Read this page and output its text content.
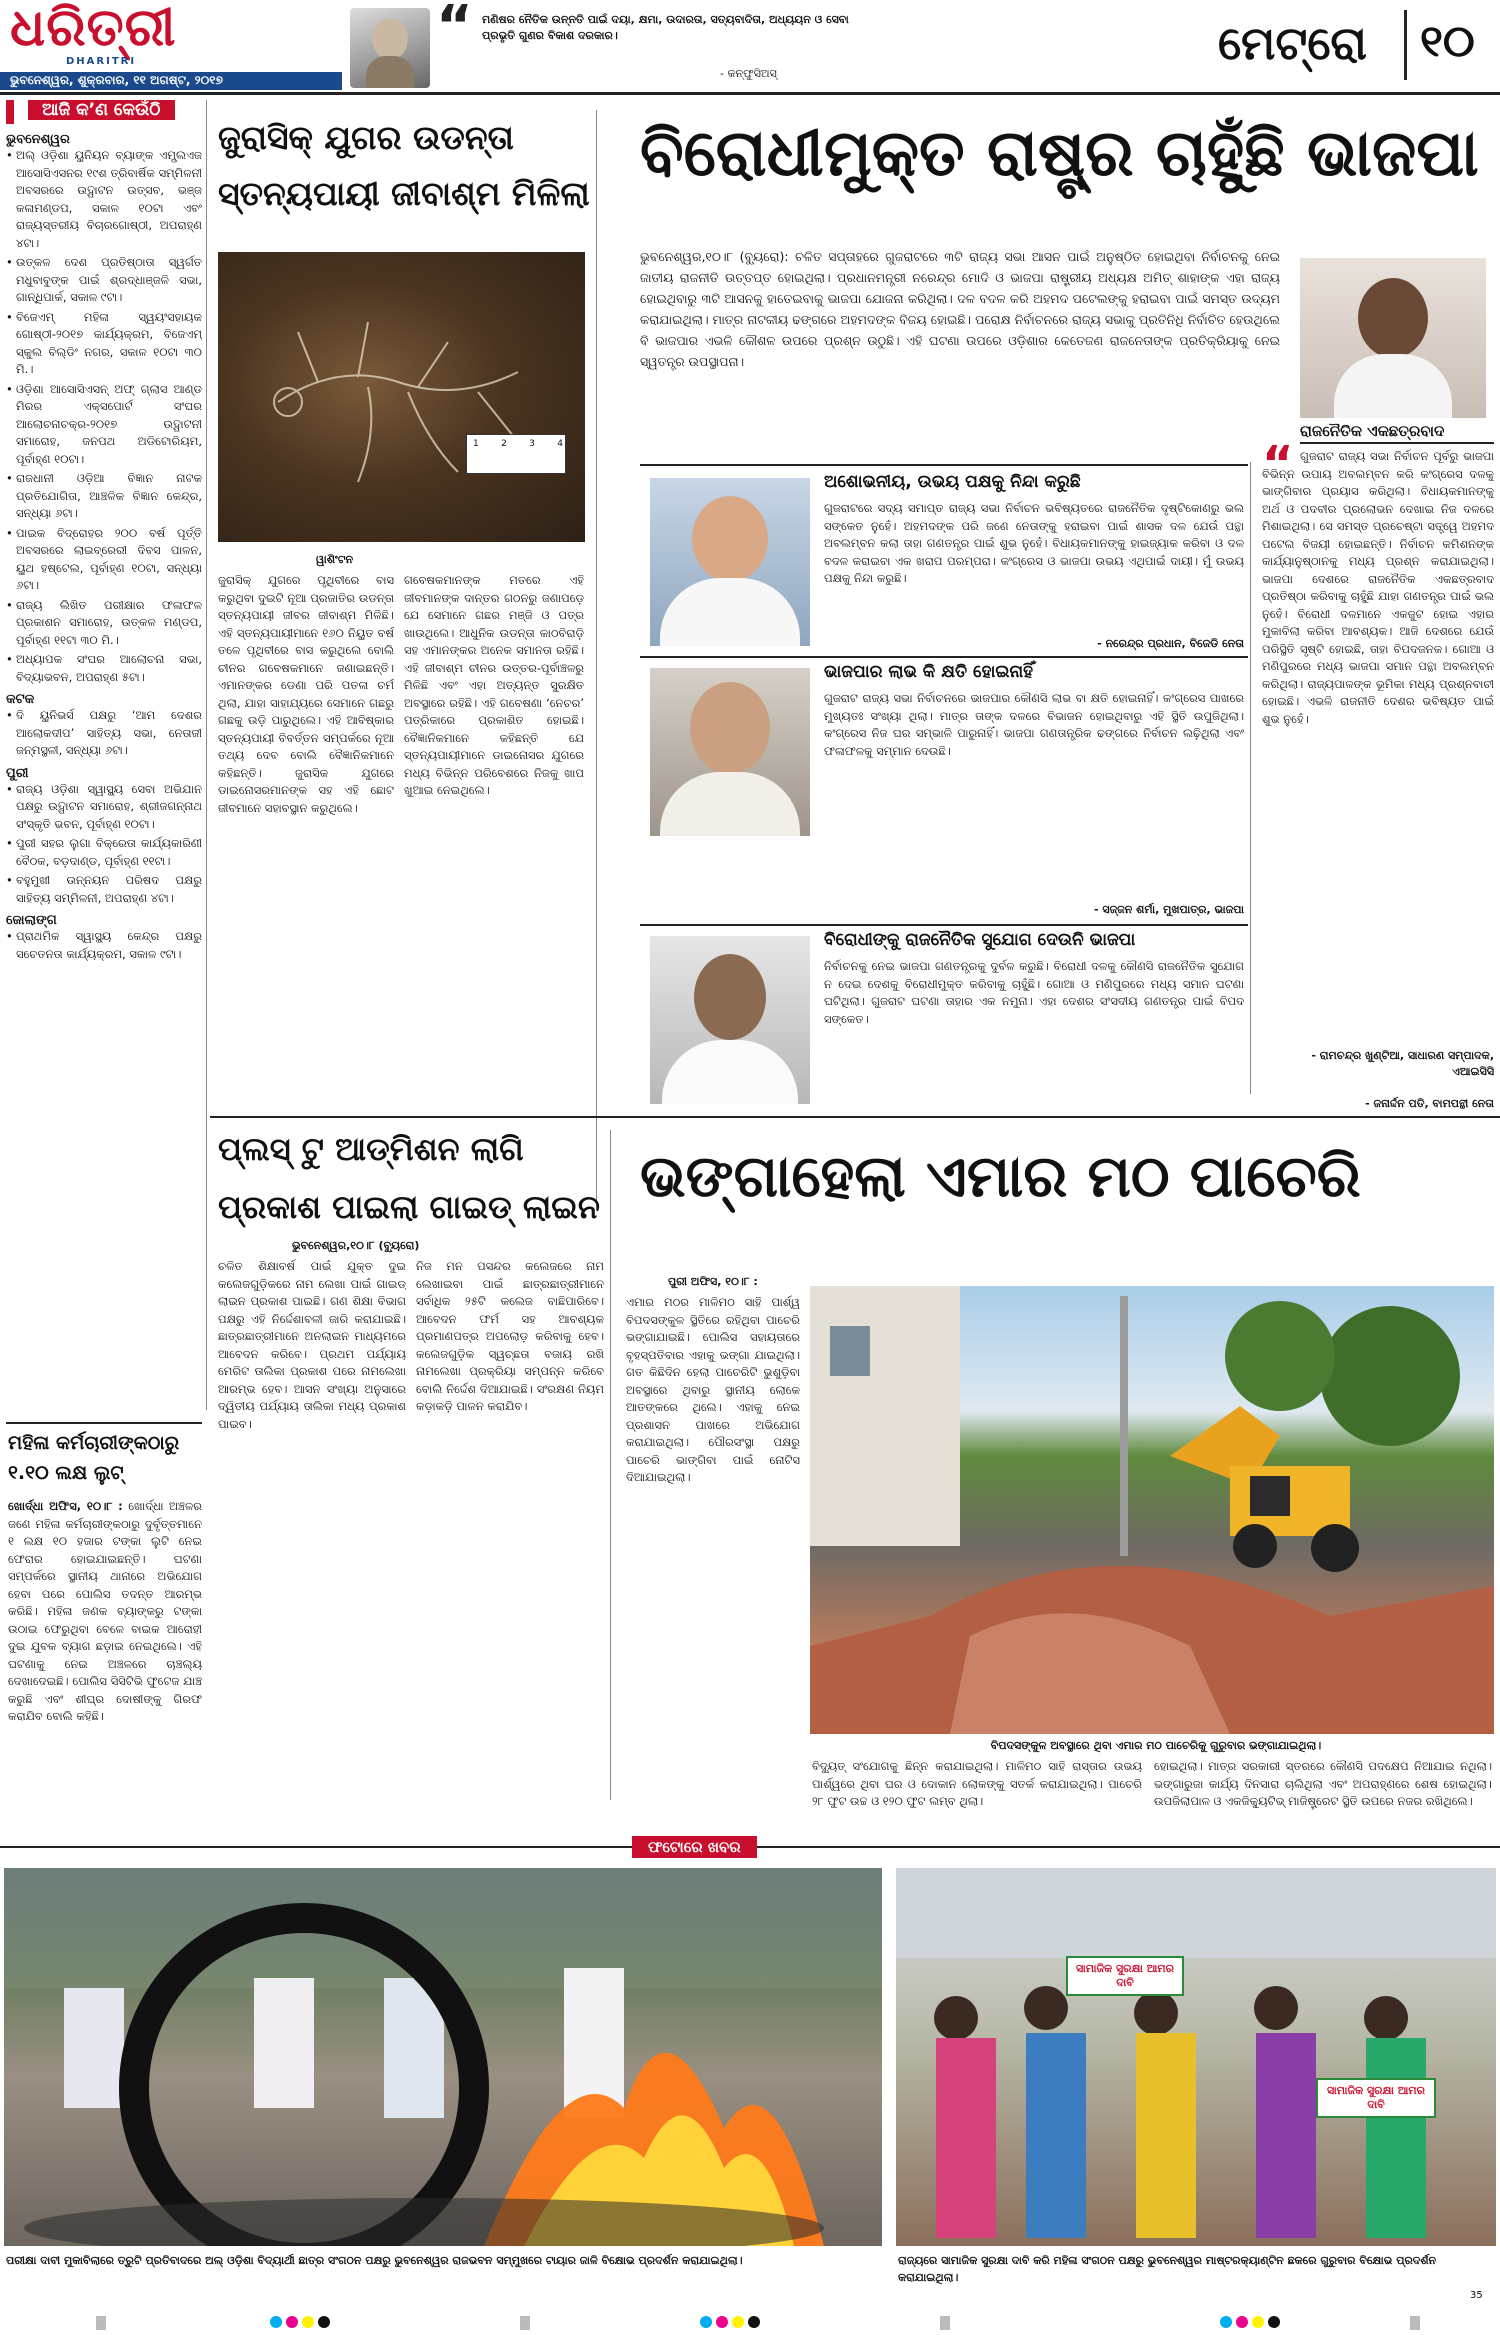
ଧରିତ୍ରୀ
DHARITRI
ଭୁବନେଶ୍ୱର, ଶୁକ୍ରବାର, ୧୧ ଅଗଷ୍ଟ, ୨୦୧୭
“ ମଣିଷର ନୈତିକ ଉନ୍ନତି ପାଇଁ ଦୟା, କ୍ଷମା, ଉଦାରତା, ସତ୍ୟବାଦିତା, ଅଧ୍ୟୟନ ଓ ସେବା ପ୍ରଭୃତି ଗୁଣର ବିକାଶ ଦରକାର।
- କନ୍‌ଫୁସିଅସ୍‌
ମେଟ୍ରୋ ୧୦
ଆଜି କ’ଣ କେଉଁଠି
ଭୁବନେଶ୍ୱର
• ଅଲ୍ ଓଡ଼ିଶା ୟୁନିୟନ ବ୍ୟାଙ୍କ ଏମ୍ପ୍ଲଏଜ ଆସୋସିଏସନର ୧୯ଶ ତ୍ରିବାର୍ଷିକ ସମ୍ମିଳନୀ ଅବସରରେ ଉଦ୍ଘାଟନ ଉତ୍ସବ, ଭଞ୍ଜ କଳାମଣ୍ଡପ, ସକାଳ ୧୦ଟା ଏବଂ ରାଜ୍ୟସ୍ତରୀୟ ବିଚାରଗୋଷ୍ଠୀ, ଅପରାହ୍ଣ ୪ଟା।
• ଉତ୍କଳ ଦେଶ ପ୍ରତିଷ୍ଠାତା ସ୍ୱର୍ଗତ ମଧୁବାବୁଙ୍କ ପାଇଁ ଶ୍ରଦ୍ଧାଞ୍ଜଳି ସଭା, ଗାନ୍ଧିପାର୍କ, ସକାଳ ୯ଟା।
• ବିଜେଏମ୍ ମହିଳା ସ୍ୱୟଂସହାୟକ ଗୋଷ୍ଠୀ-୨୦୧୭ କାର୍ଯ୍ୟକ୍ରମ, ବିଜେଏମ୍ ସ୍କୁଲ ବିଲ୍ଡିଂ ନଗର, ସକାଳ ୧୦ଟା ୩୦ ମି.।
• ଓଡ଼ିଶା ଆସୋସିଏସନ୍ ଅଫ୍ ଗ୍ଲାସ ଆଣ୍ଡ ମିରର ଏକ୍ସପୋର୍ଟ ସଂଘର ଆଲୋଚନାଚକ୍ର-୨୦୧୭ ଉଦ୍ଘାଟନୀ ସମାରୋହ, ଜନପଥ ଅଡିଟୋରିୟମ, ପୂର୍ବାହ୍ଣ ୧୦ଟା।
• ରାଜଧାନୀ ଓଡ଼ିଆ ବିଜ୍ଞାନ ନାଟକ ପ୍ରତିଯୋଗିତା, ଆଞ୍ଚଳିକ ବିଜ୍ଞାନ କେନ୍ଦ୍ର, ସନ୍ଧ୍ୟା ୬ଟା।
• ପାଇକ ବିଦ୍ରୋହର ୨୦୦ ବର୍ଷ ପୂର୍ତ୍ତି ଅବସରରେ ଲାଇବ୍ରେରୀ ଦିବସ ପାଳନ, ୟୁଥ ହଷ୍ଟେଲ, ପୂର୍ବାହ୍ଣ ୧୦ଟା, ସନ୍ଧ୍ୟା ୬ଟା।
• ରାଜ୍ୟ ଲିଖିତ ପରୀକ୍ଷାର ଫଳାଫଳ ପ୍ରକାଶନ ସମାରୋହ, ଉତ୍କଳ ମଣ୍ଡପ, ପୂର୍ବାହ୍ଣ ୧୧ଟା ୩୦ ମି.।
• ଅଧ୍ୟାପକ ସଂଘର ଆଲୋଚନା ସଭା, ବିଦ୍ୟାଭବନ, ଅପରାହ୍ଣ ୫ଟା।
କଟକ
• ଦି ୟୁନିଭର୍ସ ପକ୍ଷରୁ ‘ଆମ ଦେଶର ଆଲୋକଦୀପ’ ସାହିତ୍ୟ ସଭା, ନେତାଜୀ ଜନ୍ମସ୍ଥଳୀ, ସନ୍ଧ୍ୟା ୬ଟା।
ପୁରୀ
• ରାଜ୍ୟ ଓଡ଼ିଶା ସ୍ୱାସ୍ଥ୍ୟ ସେବା ଅଭିଯାନ ପକ୍ଷରୁ ଉଦ୍ଘାଟନ ସମାରୋହ, ଶ୍ରୀଜଗନ୍ନାଥ ସଂସ୍କୃତି ଭବନ, ପୂର୍ବାହ୍ଣ ୧୦ଟା।
• ପୁରୀ ସହର ଲୁଗା ବିକ୍ରେତା କାର୍ଯ୍ୟକାରିଣୀ ବୈଠକ, ବଡ଼ଦାଣ୍ଡ, ପୂର୍ବାହ୍ଣ ୧୧ଟା।
• ବହୁମୁଖୀ ଉନ୍ନୟନ ପରିଷଦ ପକ୍ଷରୁ ସାହିତ୍ୟ ସମ୍ମିଳନୀ, ଅପରାହ୍ଣ ୪ଟା।
ଜୋଲାଙ୍ଗ
• ପ୍ରାଥମିକ ସ୍ୱାସ୍ଥ୍ୟ କେନ୍ଦ୍ର ପକ୍ଷରୁ ସଚେତନତା କାର୍ଯ୍ୟକ୍ରମ, ସକାଳ ୯ଟା।
ମହିଳା କର୍ମଚାରୀଙ୍କଠାରୁ ୧.୧୦ ଲକ୍ଷ ଲୁଟ୍
ଖୋର୍ଦ୍ଧା ଅଫିସ, ୧୦।୮ : ଖୋର୍ଦ୍ଧା ଅଞ୍ଚଳର ଜଣେ ମହିଳା କର୍ମଚାରୀଙ୍କଠାରୁ ଦୁର୍ବୃତ୍ତମାନେ ୧ ଲକ୍ଷ ୧୦ ହଜାର ଟଙ୍କା ଲୁଟି ନେଇ ଫେରାର ହୋଇଯାଇଛନ୍ତି। ଘଟଣା ସମ୍ପର୍କରେ ସ୍ଥାନୀୟ ଥାନାରେ ଅଭିଯୋଗ ହେବା ପରେ ପୋଲିସ ତଦନ୍ତ ଆରମ୍ଭ କରିଛି। ମହିଳା ଜଣକ ବ୍ୟାଙ୍କରୁ ଟଙ୍କା ଉଠାଇ ଫେରୁଥିବା ବେଳେ ବାଇକ ଆରୋହୀ ଦୁଇ ଯୁବକ ବ୍ୟାଗ ଛଡ଼ାଇ ନେଇଥିଲେ। ଏହି ଘଟଣାକୁ ନେଇ ଅଞ୍ଚଳରେ ଚାଞ୍ଚଲ୍ୟ ଦେଖାଦେଇଛି। ପୋଲିସ ସିସିଟିଭି ଫୁଟେଜ ଯାଞ୍ଚ କରୁଛି ଏବଂ ଶୀଘ୍ର ଦୋଷୀଙ୍କୁ ଗିରଫ କରାଯିବ ବୋଲି କହିଛି।
ଜୁରାସିକ୍ ଯୁଗର ଉଡନ୍ତା ସ୍ତନ୍ୟପାୟୀ ଜୀବାଶ୍ମ ମିଳିଲା
1 2 3 4
ୱାଶିଂଟନ
ଜୁରାସିକ୍ ଯୁଗରେ ପୃଥିବୀରେ ବାସ କରୁଥିବା ଦୁଇଟି ନୂଆ ପ୍ରଜାତିର ଉଡନ୍ତା ସ୍ତନ୍ୟପାୟୀ ଜୀବର ଜୀବାଶ୍ମ ମିଳିଛି। ଏହି ସ୍ତନ୍ୟପାୟୀମାନେ ୧୬୦ ନିୟୁତ ବର୍ଷ ତଳେ ପୃଥିବୀରେ ବାସ କରୁଥିଲେ ବୋଲି ଚୀନର ଗବେଷକମାନେ ଜଣାଇଛନ୍ତି। ଏମାନଙ୍କର ଡେଣା ପରି ପତଳା ଚର୍ମ ଥିଲା, ଯାହା ସାହାଯ୍ୟରେ ସେମାନେ ଗଛରୁ ଗଛକୁ ଉଡ଼ି ପାରୁଥିଲେ। ଏହି ଆବିଷ୍କାର ସ୍ତନ୍ୟପାୟୀ ବିବର୍ତ୍ତନ ସମ୍ପର୍କରେ ନୂଆ ତଥ୍ୟ ଦେବ ବୋଲି ବୈଜ୍ଞାନିକମାନେ କହିଛନ୍ତି। ଜୁରାସିକ ଯୁଗରେ ଡାଇନୋସରମାନଙ୍କ ସହ ଏହି ଛୋଟ ଜୀବମାନେ ସହାବସ୍ଥାନ କରୁଥିଲେ।
ଗବେଷକମାନଙ୍କ ମତରେ ଏହି ଜୀବମାନଙ୍କ ଦାନ୍ତର ଗଠନରୁ ଜଣାପଡ଼େ ଯେ ସେମାନେ ଗଛର ମଞ୍ଜି ଓ ପତ୍ର ଖାଉଥିଲେ। ଆଧୁନିକ ଉଡନ୍ତା କାଠବିରାଡ଼ି ସହ ଏମାନଙ୍କର ଅନେକ ସମାନତା ରହିଛି। ଏହି ଜୀବାଶ୍ମ ଚୀନର ଉତ୍ତର-ପୂର୍ବାଞ୍ଚଳରୁ ମିଳିଛି ଏବଂ ଏହା ଅତ୍ୟନ୍ତ ସୁରକ୍ଷିତ ଅବସ୍ଥାରେ ରହିଛି। ଏହି ଗବେଷଣା ‘ନେଚର’ ପତ୍ରିକାରେ ପ୍ରକାଶିତ ହୋଇଛି। ବୈଜ୍ଞାନିକମାନେ କହିଛନ୍ତି ଯେ ସ୍ତନ୍ୟପାୟୀମାନେ ଡାଇନୋସର ଯୁଗରେ ମଧ୍ୟ ବିଭିନ୍ନ ପରିବେଶରେ ନିଜକୁ ଖାପ ଖୁଆଇ ନେଇଥିଲେ।
ବିରୋଧୀମୁକ୍ତ ରାଷ୍ଟ୍ର ଚାହୁଁଛି ଭାଜପା
ଭୁବନେଶ୍ୱର,୧୦।୮ (ବ୍ୟୁରୋ): ଚଳିତ ସପ୍ତାହରେ ଗୁଜରାଟରେ ୩ଟି ରାଜ୍ୟ ସଭା ଆସନ ପାଇଁ ଅନୁଷ୍ଠିତ ହୋଇଥିବା ନିର୍ବାଚନକୁ ନେଇ ଜାତୀୟ ରାଜନୀତି ଉତ୍ତପ୍ତ ହୋଇଥିଲା। ପ୍ରଧାନମନ୍ତ୍ରୀ ନରେନ୍ଦ୍ର ମୋଦି ଓ ଭାଜପା ରାଷ୍ଟ୍ରୀୟ ଅଧ୍ୟକ୍ଷ ଅମିତ୍ ଶାହାଙ୍କ ଏହା ରାଜ୍ୟ ହୋଇଥିବାରୁ ୩ଟି ଆସନକୁ ହାତେଇବାକୁ ଭାଜପା ଯୋଜନା କରିଥିଲା। ଦଳ ବଦଳ କରି ଅହମଦ ପଟେଲଙ୍କୁ ହରାଇବା ପାଇଁ ସମସ୍ତ ଉଦ୍ୟମ କରାଯାଇଥିଲା। ମାତ୍ର ନାଟକୀୟ ଢଙ୍ଗରେ ଅହମଦଙ୍କ ବିଜୟ ହୋଇଛି। ପରୋକ୍ଷ ନିର୍ବାଚନରେ ରାଜ୍ୟ ସଭାକୁ ପ୍ରତିନିଧି ନିର୍ବାଚିତ ହେଉଥିଲେ ବି ଭାଜପାର ଏଭଳି କୌଶଳ ଉପରେ ପ୍ରଶ୍ନ ଉଠୁଛି। ଏହି ଘଟଣା ଉପରେ ଓଡ଼ିଶାର କେତେଜଣ ରାଜନେତାଙ୍କ ପ୍ରତିକ୍ରିୟାକୁ ନେଇ ସ୍ୱତନ୍ତ୍ର ଉପସ୍ଥାପନା।
ରାଜନୈତିକ ଏକଛତ୍ରବାଦ
“ ଗୁଜରାଟ ରାଜ୍ୟ ସଭା ନିର୍ବାଚନ ପୂର୍ବରୁ ଭାଜପା ବିଭିନ୍ନ ଉପାୟ ଅବଲମ୍ବନ କରି କଂଗ୍ରେସ ଦଳକୁ ଭାଙ୍ଗିବାର ପ୍ରୟାସ କରିଥିଲା। ବିଧାୟକମାନଙ୍କୁ ଅର୍ଥ ଓ ପଦବୀର ପ୍ରଲୋଭନ ଦେଖାଇ ନିଜ ଦଳରେ ମିଶାଇଥିଲା। ସେ ସମସ୍ତ ପ୍ରଚେଷ୍ଟା ସତ୍ତ୍ୱେ ଅହମଦ ପଟେଲ ବିଜୟୀ ହୋଇଛନ୍ତି। ନିର୍ବାଚନ କମିଶନଙ୍କ କାର୍ଯ୍ୟାନୁଷ୍ଠାନକୁ ମଧ୍ୟ ପ୍ରଶ୍ନ କରାଯାଇଥିଲା। ଭାଜପା ଦେଶରେ ରାଜନୈତିକ ଏକଛତ୍ରବାଦ ପ୍ରତିଷ୍ଠା କରିବାକୁ ଚାହୁଁଛି ଯାହା ଗଣତନ୍ତ୍ର ପାଇଁ ଭଲ ନୁହେଁ। ବିରୋଧୀ ଦଳମାନେ ଏକଜୁଟ ହୋଇ ଏହାର ମୁକାବିଲା କରିବା ଆବଶ୍ୟକ। ଆଜି ଦେଶରେ ଯେଉଁ ପରିସ୍ଥିତି ସୃଷ୍ଟି ହୋଇଛି, ତାହା ବିପଦଜନକ। ଗୋଆ ଓ ମଣିପୁରରେ ମଧ୍ୟ ଭାଜପା ସମାନ ପନ୍ଥା ଅବଲମ୍ବନ କରିଥିଲା। ରାଜ୍ୟପାଳଙ୍କ ଭୂମିକା ମଧ୍ୟ ପ୍ରଶ୍ନବାଚୀ ହୋଇଛି। ଏଭଳି ରାଜନୀତି ଦେଶର ଭବିଷ୍ୟତ ପାଇଁ ଶୁଭ ନୁହେଁ।
- ରାମଚନ୍ଦ୍ର ଖୁଣ୍ଟିଆ, ସାଧାରଣ ସମ୍ପାଦକ, ଏଆଇସିସି
ଅଶୋଭନୀୟ, ଉଭୟ ପକ୍ଷକୁ ନିନ୍ଦା କରୁଛି
ଗୁଜରାଟରେ ସଦ୍ୟ ସମାପ୍ତ ରାଜ୍ୟ ସଭା ନିର୍ବାଚନ ଭବିଷ୍ୟତରେ ରାଜନୈତିକ ଦୃଷ୍ଟିକୋଣରୁ ଭଲ ସଙ୍କେତ ନୁହେଁ। ଅହମଦଙ୍କ ପରି ଜଣେ ନେତାଙ୍କୁ ହରାଇବା ପାଇଁ ଶାସକ ଦଳ ଯେଉଁ ପନ୍ଥା ଅବଲମ୍ବନ କଲା ତାହା ଗଣତନ୍ତ୍ର ପାଇଁ ଶୁଭ ନୁହେଁ। ବିଧାୟକମାନଙ୍କୁ ହାଇଜ୍ୟାକ କରିବା ଓ ଦଳ ବଦଳ କରାଇବା ଏକ ଖରାପ ପରମ୍ପରା। କଂଗ୍ରେସ ଓ ଭାଜପା ଉଭୟ ଏଥିପାଇଁ ଦାୟୀ। ମୁଁ ଉଭୟ ପକ୍ଷକୁ ନିନ୍ଦା କରୁଛି।
- ନରେନ୍ଦ୍ର ପ୍ରଧାନ, ବିଜେଡି ନେତା
ଭାଜପାର ଲାଭ କି କ୍ଷତି ହୋଇନାହିଁ
ଗୁଜରାଟ ରାଜ୍ୟ ସଭା ନିର୍ବାଚନରେ ଭାଜପାର କୌଣସି ଲାଭ ବା କ୍ଷତି ହୋଇନାହିଁ। କଂଗ୍ରେସ ପାଖରେ ମୁଖ୍ୟତଃ ସଂଖ୍ୟା ଥିଲା। ମାତ୍ର ତାଙ୍କ ଦଳରେ ବିଭାଜନ ହୋଇଥିବାରୁ ଏହି ସ୍ଥିତି ଉପୁଜିଥିଲା। କଂଗ୍ରେସ ନିଜ ଘର ସମ୍ଭାଳି ପାରୁନାହିଁ। ଭାଜପା ଗଣତାନ୍ତ୍ରିକ ଢଙ୍ଗରେ ନିର୍ବାଚନ ଲଢ଼ିଥିଲା ଏବଂ ଫଳାଫଳକୁ ସମ୍ମାନ ଦେଉଛି।
- ସଜ୍ଜନ ଶର୍ମା, ମୁଖପାତ୍ର, ଭାଜପା
ବିରୋଧୀଙ୍କୁ ରାଜନୈତିକ ସୁଯୋଗ ଦେଉନି ଭାଜପା
ନିର୍ବାଚନକୁ ନେଇ ଭାଜପା ଗଣତନ୍ତ୍ରକୁ ଦୁର୍ବଳ କରୁଛି। ବିରୋଧୀ ଦଳକୁ କୌଣସି ରାଜନୈତିକ ସୁଯୋଗ ନ ଦେଇ ଦେଶକୁ ବିରୋଧୀମୁକ୍ତ କରିବାକୁ ଚାହୁଁଛି। ଗୋଆ ଓ ମଣିପୁରରେ ମଧ୍ୟ ସମାନ ଘଟଣା ଘଟିଥିଲା। ଗୁଜରାଟ ଘଟଣା ତାହାର ଏକ ନମୁନା। ଏହା ଦେଶର ସଂସଦୀୟ ଗଣତନ୍ତ୍ର ପାଇଁ ବିପଦ ସଙ୍କେତ।
- ଜନାର୍ଦ୍ଦନ ପତି, ବାମପନ୍ଥୀ ନେତା
ପ୍ଲସ୍ ଟୁ ଆଡ୍‌ମିଶନ ଲାଗି ପ୍ରକାଶ ପାଇଲା ଗାଇଡ୍ ଲାଇନ
ଭୁବନେଶ୍ୱର,୧୦।୮ (ବ୍ୟୁରୋ)
ଚଳିତ ଶିକ୍ଷାବର୍ଷ ପାଇଁ ଯୁକ୍ତ ଦୁଇ କଲେଜଗୁଡ଼ିକରେ ନାମ ଲେଖା ପାଇଁ ଗାଇଡ୍ ଲାଇନ ପ୍ରକାଶ ପାଇଛି। ଗଣ ଶିକ୍ଷା ବିଭାଗ ପକ୍ଷରୁ ଏହି ନିର୍ଦ୍ଦେଶାବଳୀ ଜାରି କରାଯାଇଛି। ଛାତ୍ରଛାତ୍ରୀମାନେ ଅନଲାଇନ ମାଧ୍ୟମରେ ଆବେଦନ କରିବେ। ପ୍ରଥମ ପର୍ଯ୍ୟାୟ ମେରିଟ ତାଲିକା ପ୍ରକାଶ ପରେ ନାମଲେଖା ଆରମ୍ଭ ହେବ। ଆସନ ସଂଖ୍ୟା ଅନୁସାରେ ଦ୍ୱିତୀୟ ପର୍ଯ୍ୟାୟ ତାଲିକା ମଧ୍ୟ ପ୍ରକାଶ ପାଇବ।
ନିଜ ମନ ପସନ୍ଦର କଲେଜରେ ନାମ ଲେଖାଇବା ପାଇଁ ଛାତ୍ରଛାତ୍ରୀମାନେ ସର୍ବାଧିକ ୨୫ଟି କଲେଜ ବାଛିପାରିବେ। ଆବେଦନ ଫର୍ମ ସହ ଆବଶ୍ୟକ ପ୍ରମାଣପତ୍ର ଅପଲୋଡ଼ କରିବାକୁ ହେବ। କଲେଜଗୁଡ଼ିକ ସ୍ୱଚ୍ଛତା ବଜାୟ ରଖି ନାମଲେଖା ପ୍ରକ୍ରିୟା ସମ୍ପନ୍ନ କରିବେ ବୋଲି ନିର୍ଦ୍ଦେଶ ଦିଆଯାଇଛି। ସଂରକ୍ଷଣ ନିୟମ କଡ଼ାକଡ଼ି ପାଳନ କରାଯିବ।
ଭଙ୍ଗାହେଲା ଏମାର ମଠ ପାଚେରି
ପୁରୀ ଅଫିସ, ୧୦।୮ :
ଏମାର ମଠର ମାଳିମଠ ସାହି ପାର୍ଶ୍ୱ ବିପଦସଙ୍କୁଳ ସ୍ଥିତିରେ ରହିଥିବା ପାଚେରି ଭଙ୍ଗାଯାଇଛି। ପୋଲିସ ସହାୟତାରେ ବୃହସ୍ପତିବାର ଏହାକୁ ଭଙ୍ଗା ଯାଇଥିଲା। ଗତ କିଛିଦିନ ହେଲା ପାଚେରିଟି ଭୁଶୁଡ଼ିବା ଅବସ୍ଥାରେ ଥିବାରୁ ସ୍ଥାନୀୟ ଲୋକେ ଆତଙ୍କରେ ଥିଲେ। ଏହାକୁ ନେଇ ପ୍ରଶାସନ ପାଖରେ ଅଭିଯୋଗ କରାଯାଇଥିଲା। ପୌରସଂସ୍ଥା ପକ୍ଷରୁ ପାଚେରି ଭାଙ୍ଗିବା ପାଇଁ ନୋଟିସ ଦିଆଯାଇଥିଲା।
ବିପଦସଙ୍କୁଳ ଅବସ୍ଥାରେ ଥିବା ଏମାର ମଠ ପାଚେରିକୁ ଗୁରୁବାର ଭଙ୍ଗାଯାଇଥିଲା।
ବିଦ୍ୟୁତ୍ ସଂଯୋଗକୁ ଛିନ୍ନ କରାଯାଇଥିଲା। ମାଳିମଠ ସାହି ରାସ୍ତାର ଉଭୟ ପାର୍ଶ୍ୱରେ ଥିବା ଘର ଓ ଦୋକାନ ଲୋକଙ୍କୁ ସତର୍କ କରାଯାଇଥିଲା। ପାଚେରି ୨୮ ଫୁଟ ଉଚ୍ଚ ଓ ୧୨୦ ଫୁଟ ଲମ୍ବ ଥିଲା।
ହୋଇଥିଲା। ମାତ୍ର ସରକାରୀ ସ୍ତରରେ କୌଣସି ପଦକ୍ଷେପ ନିଆଯାଇ ନଥିଲା। ଭଙ୍ଗାରୁଜା କାର୍ଯ୍ୟ ଦିନସାରା ଚାଲିଥିଲା ଏବଂ ଅପରାହ୍ଣରେ ଶେଷ ହୋଇଥିଲା। ଉପଜିଲାପାଳ ଓ ଏକଜିକ୍ୟୁଟିଭ୍ ମାଜିଷ୍ଟ୍ରେଟ ସ୍ଥିତି ଉପରେ ନଜର ରଖିଥିଲେ।
ଫଟୋରେ ଖବର
ପରୀକ୍ଷା ଦାବୀ ମୁକାବିଲାରେ ତ୍ରୁଟି ପ୍ରତିବାଦରେ ଅଲ୍ ଓଡ଼ିଶା ବିଦ୍ୟାର୍ଥୀ ଛାତ୍ର ସଂଗଠନ ପକ୍ଷରୁ ଭୁବନେଶ୍ୱର ରାଜଭବନ ସମ୍ମୁଖରେ ଟାୟାର ଜାଳି ବିକ୍ଷୋଭ ପ୍ରଦର୍ଶନ କରାଯାଇଥିଲା।
ସାମାଜିକ ସୁରକ୍ଷା ଆମର ଦାବି
ସାମାଜିକ ସୁରକ୍ଷା ଆମର ଦାବି
ରାଜ୍ୟରେ ସାମାଜିକ ସୁରକ୍ଷା ଦାବି କରି ମହିଳା ସଂଗଠନ ପକ୍ଷରୁ ଭୁବନେଶ୍ୱର ମାଷ୍ଟରକ୍ୟାଣ୍ଟିନ ଛକରେ ଗୁରୁବାର ବିକ୍ଷୋଭ ପ୍ରଦର୍ଶନ କରାଯାଇଥିଲା।
35
